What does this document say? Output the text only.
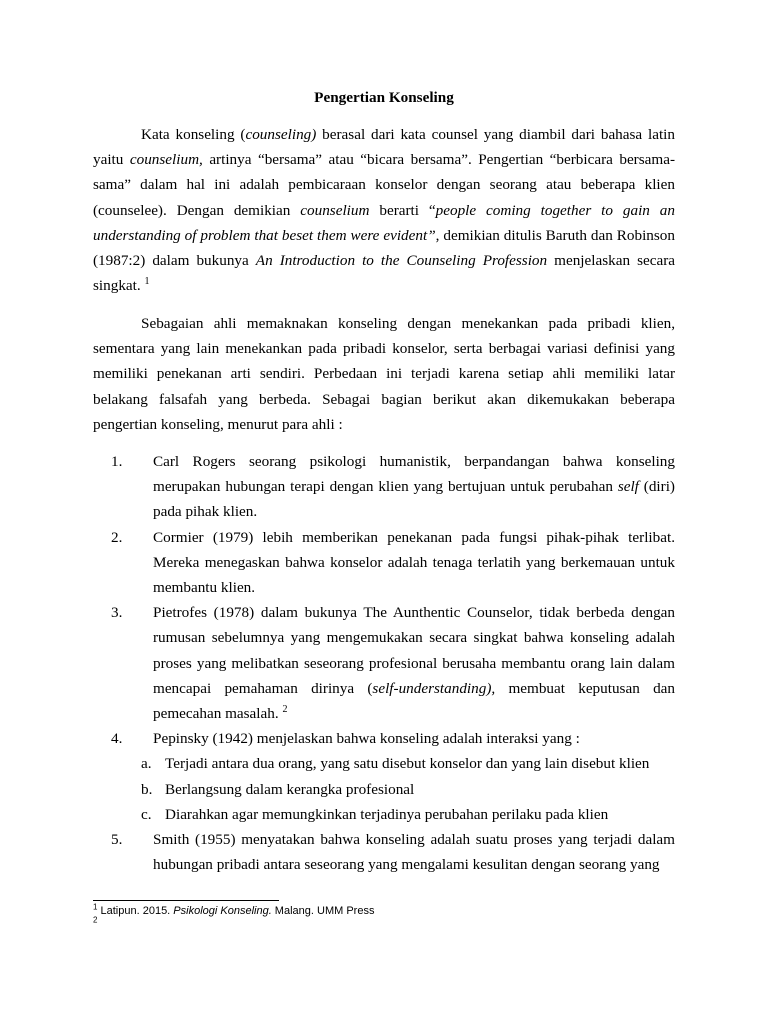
Pengertian Konseling

Kata konseling (counseling) berasal dari kata counsel yang diambil dari bahasa latin yaitu counselium, artinya “bersama” atau “bicara bersama”. Pengertian “berbicara bersama-sama” dalam hal ini adalah pembicaraan konselor dengan seorang atau beberapa klien (counselee). Dengan demikian counselium berarti “people coming together to gain an understanding of problem that beset them were evident”, demikian ditulis Baruth dan Robinson (1987:2) dalam bukunya An Introduction to the Counseling Profession menjelaskan secara singkat. $^1$

Sebagaian ahli memaknakan konseling dengan menekankan pada pribadi klien, sementara yang lain menekankan pada pribadi konselor, serta berbagai variasi definisi yang memiliki penekanan arti sendiri. Perbedaan ini terjadi karena setiap ahli memiliki latar belakang falsafah yang berbeda. Sebagai bagian berikut akan dikemukakan beberapa pengertian konseling, menurut para ahli :

1.	Carl Rogers seorang psikologi humanistik, berpandangan bahwa konseling merupakan hubungan terapi dengan klien yang bertujuan untuk perubahan self (diri) pada pihak klien.
2.	Cormier (1979) lebih memberikan penekanan pada fungsi pihak-pihak terlibat. Mereka menegaskan bahwa konselor adalah tenaga terlatih yang berkemauan untuk membantu klien.
3.	Pietrofes (1978) dalam bukunya The Aunthentic Counselor, tidak berbeda dengan rumusan sebelumnya yang mengemukakan secara singkat bahwa konseling adalah proses yang melibatkan seseorang profesional berusaha membantu orang lain dalam mencapai pemahaman dirinya (self-understanding), membuat keputusan dan pemecahan masalah. $^2$
4.	Pepinsky (1942) menjelaskan bahwa konseling adalah interaksi yang :
a. Terjadi antara dua orang, yang satu disebut konselor dan yang lain disebut klien
b. Berlangsung dalam kerangka profesional
c. Diarahkan agar memungkinkan terjadinya perubahan perilaku pada klien
5.	Smith (1955) menyatakan bahwa konseling adalah suatu proses yang terjadi dalam hubungan pribadi antara seseorang yang mengalami kesulitan dengan seorang yang
$^1$ Latipun. 2015. Psikologi Konseling. Malang. UMM Press
$^2$
